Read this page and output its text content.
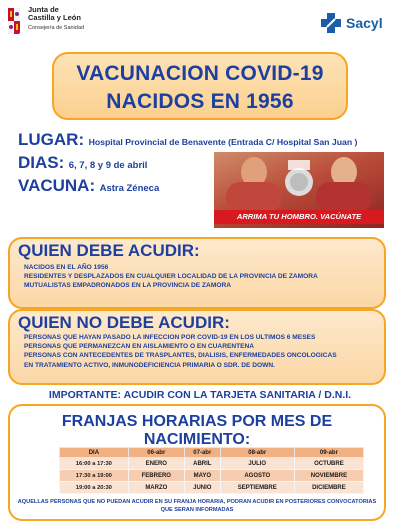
Junta de
Castilla y León
Consejería de Sanidad	Sacyl
VACUNACION COVID-19
NACIDOS EN 1956
LUGAR: Hospital Provincial de Benavente (Entrada C/ Hospital San Juan )
DIAS: 6, 7, 8 y 9 de abril
VACUNA: Astra Zéneca
ARRIMA TU HOMBRO. VACÚNATE
QUIEN DEBE ACUDIR:
NACIDOS EN EL AÑO 1956
RESIDENTES Y DESPLAZADOS EN CUALQUIER LOCALIDAD DE LA PROVINCIA DE ZAMORA
MUTUALISTAS EMPADRONADOS EN LA PROVINCIA DE ZAMORA
QUIEN NO DEBE ACUDIR:
PERSONAS QUE HAYAN PASADO LA INFECCION POR COVID-19 EN LOS ULTIMOS 6 MESES
PERSONAS QUE PERMANEZCAN EN AISLAMIENTO O EN CUARENTENA
PERSONAS CON ANTECEDENTES DE TRASPLANTES, DIALISIS, ENFERMEDADES ONCOLOGICAS
EN TRATAMIENTO ACTIVO, INMUNODEFICIENCIA PRIMARIA O SDR. DE DOWN.
IMPORTANTE: ACUDIR CON LA TARJETA SANITARIA / D.N.I.
FRANJAS HORARIAS POR MES DE NACIMIENTO:
DIA	06-abr	07-abr	08-abr	09-abr
16:00 a 17:30	ENERO	ABRIL	JULIO	OCTUBRE
17:30 a 19:00	FEBRERO	MAYO	AGOSTO	NOVIEMBRE
19:00 a 20:30	MARZO	JUNIO	SEPTIEMBRE	DICIEMBRE
AQUELLAS PERSONAS QUE NO PUEDAN ACUDIR EN SU FRANJA HORARIA, PODRAN ACUDIR EN POSTERIORES CONVOCATORIAS
QUE SERAN INFORMADAS
